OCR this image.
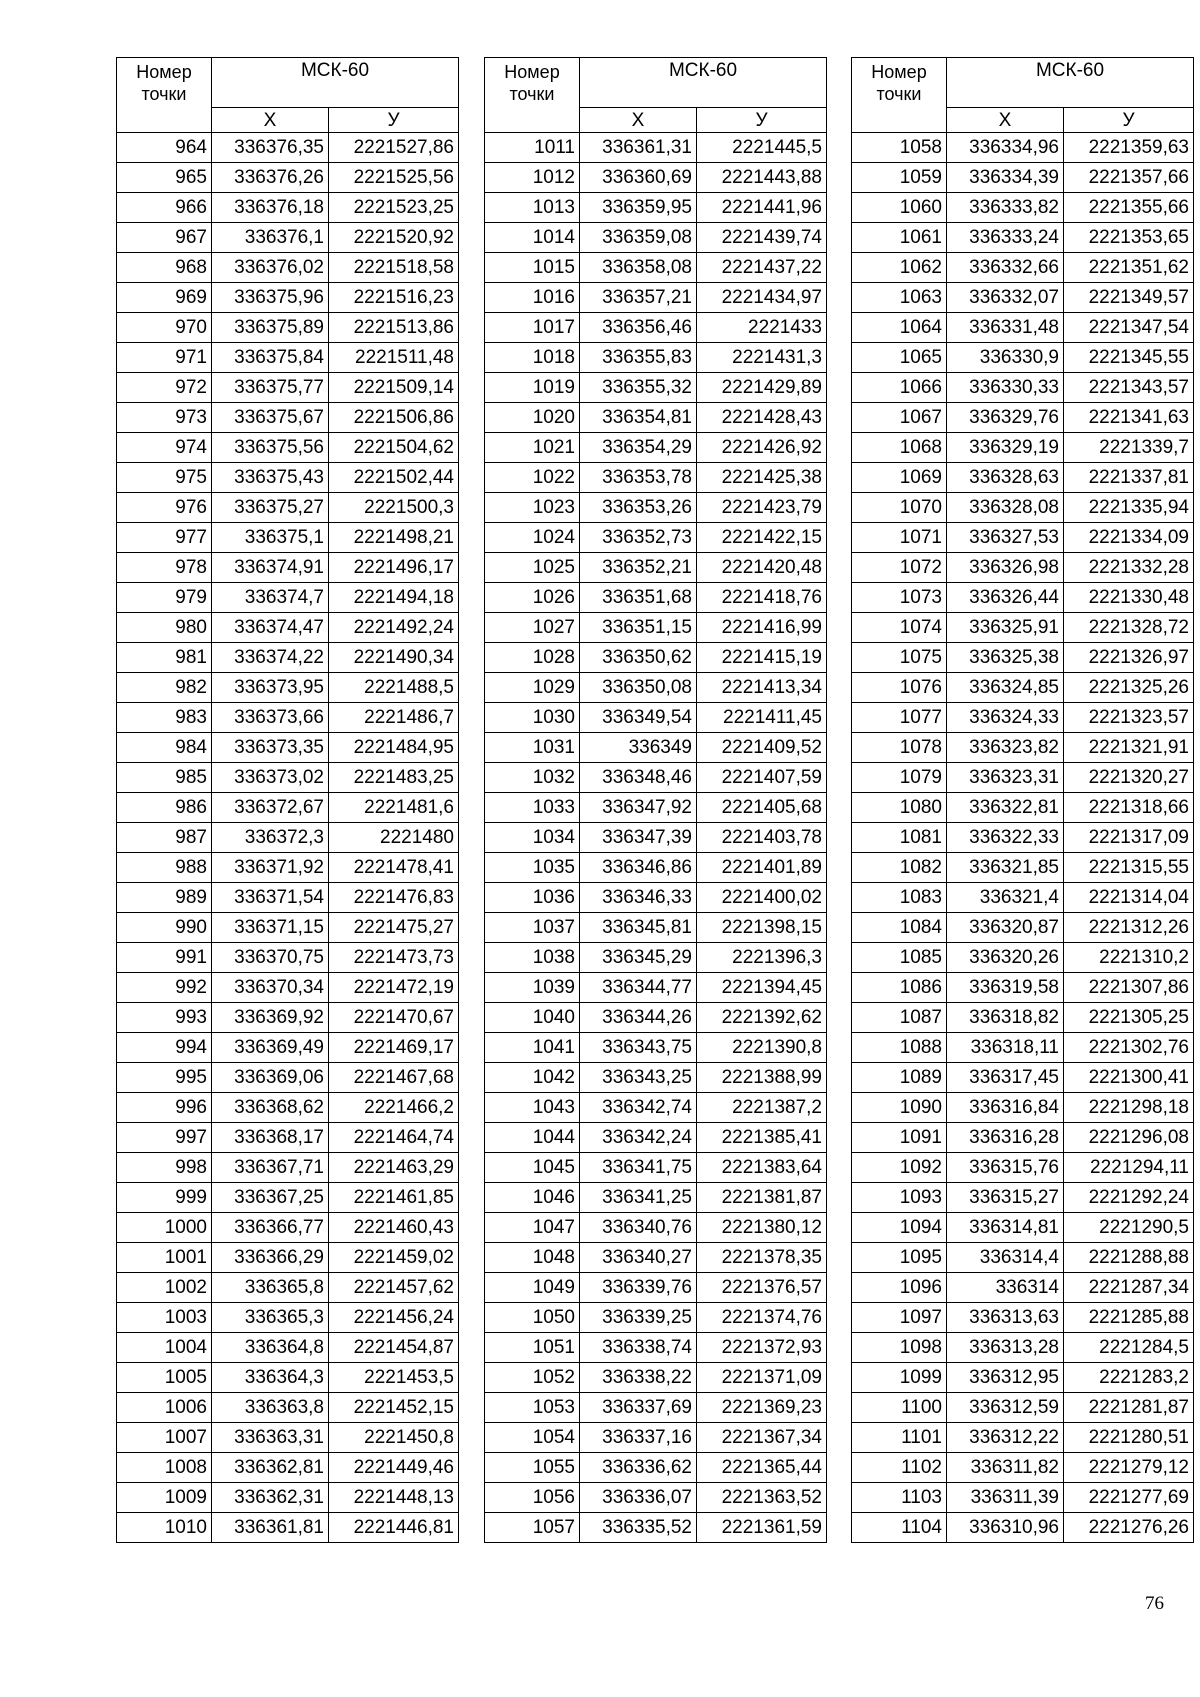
Номер
точки	МСК-60	
	Х	У
964	336376,35	2221527,86
965	336376,26	2221525,56
966	336376,18	2221523,25
967	336376,1	2221520,92
968	336376,02	2221518,58
969	336375,96	2221516,23
970	336375,89	2221513,86
971	336375,84	2221511,48
972	336375,77	2221509,14
973	336375,67	2221506,86
974	336375,56	2221504,62
975	336375,43	2221502,44
976	336375,27	2221500,3
977	336375,1	2221498,21
978	336374,91	2221496,17
979	336374,7	2221494,18
980	336374,47	2221492,24
981	336374,22	2221490,34
982	336373,95	2221488,5
983	336373,66	2221486,7
984	336373,35	2221484,95
985	336373,02	2221483,25
986	336372,67	2221481,6
987	336372,3	2221480
988	336371,92	2221478,41
989	336371,54	2221476,83
990	336371,15	2221475,27
991	336370,75	2221473,73
992	336370,34	2221472,19
993	336369,92	2221470,67
994	336369,49	2221469,17
995	336369,06	2221467,68
996	336368,62	2221466,2
997	336368,17	2221464,74
998	336367,71	2221463,29
999	336367,25	2221461,85
1000	336366,77	2221460,43
1001	336366,29	2221459,02
1002	336365,8	2221457,62
1003	336365,3	2221456,24
1004	336364,8	2221454,87
1005	336364,3	2221453,5
1006	336363,8	2221452,15
1007	336363,31	2221450,8
1008	336362,81	2221449,46
1009	336362,31	2221448,13
1010	336361,81	2221446,81
Номер
точки	МСК-60	
	Х	У
1011	336361,31	2221445,5
1012	336360,69	2221443,88
1013	336359,95	2221441,96
1014	336359,08	2221439,74
1015	336358,08	2221437,22
1016	336357,21	2221434,97
1017	336356,46	2221433
1018	336355,83	2221431,3
1019	336355,32	2221429,89
1020	336354,81	2221428,43
1021	336354,29	2221426,92
1022	336353,78	2221425,38
1023	336353,26	2221423,79
1024	336352,73	2221422,15
1025	336352,21	2221420,48
1026	336351,68	2221418,76
1027	336351,15	2221416,99
1028	336350,62	2221415,19
1029	336350,08	2221413,34
1030	336349,54	2221411,45
1031	336349	2221409,52
1032	336348,46	2221407,59
1033	336347,92	2221405,68
1034	336347,39	2221403,78
1035	336346,86	2221401,89
1036	336346,33	2221400,02
1037	336345,81	2221398,15
1038	336345,29	2221396,3
1039	336344,77	2221394,45
1040	336344,26	2221392,62
1041	336343,75	2221390,8
1042	336343,25	2221388,99
1043	336342,74	2221387,2
1044	336342,24	2221385,41
1045	336341,75	2221383,64
1046	336341,25	2221381,87
1047	336340,76	2221380,12
1048	336340,27	2221378,35
1049	336339,76	2221376,57
1050	336339,25	2221374,76
1051	336338,74	2221372,93
1052	336338,22	2221371,09
1053	336337,69	2221369,23
1054	336337,16	2221367,34
1055	336336,62	2221365,44
1056	336336,07	2221363,52
1057	336335,52	2221361,59
Номер
точки	МСК-60	
	Х	У
1058	336334,96	2221359,63
1059	336334,39	2221357,66
1060	336333,82	2221355,66
1061	336333,24	2221353,65
1062	336332,66	2221351,62
1063	336332,07	2221349,57
1064	336331,48	2221347,54
1065	336330,9	2221345,55
1066	336330,33	2221343,57
1067	336329,76	2221341,63
1068	336329,19	2221339,7
1069	336328,63	2221337,81
1070	336328,08	2221335,94
1071	336327,53	2221334,09
1072	336326,98	2221332,28
1073	336326,44	2221330,48
1074	336325,91	2221328,72
1075	336325,38	2221326,97
1076	336324,85	2221325,26
1077	336324,33	2221323,57
1078	336323,82	2221321,91
1079	336323,31	2221320,27
1080	336322,81	2221318,66
1081	336322,33	2221317,09
1082	336321,85	2221315,55
1083	336321,4	2221314,04
1084	336320,87	2221312,26
1085	336320,26	2221310,2
1086	336319,58	2221307,86
1087	336318,82	2221305,25
1088	336318,11	2221302,76
1089	336317,45	2221300,41
1090	336316,84	2221298,18
1091	336316,28	2221296,08
1092	336315,76	2221294,11
1093	336315,27	2221292,24
1094	336314,81	2221290,5
1095	336314,4	2221288,88
1096	336314	2221287,34
1097	336313,63	2221285,88
1098	336313,28	2221284,5
1099	336312,95	2221283,2
1100	336312,59	2221281,87
1101	336312,22	2221280,51
1102	336311,82	2221279,12
1103	336311,39	2221277,69
1104	336310,96	2221276,26
76
